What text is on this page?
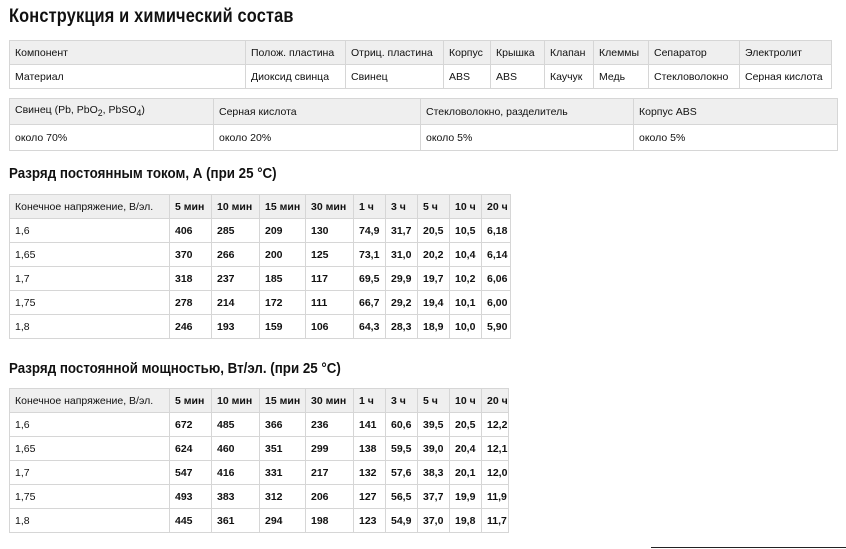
Конструкция и химический состав
Компонент	Полож. пластина	Отриц. пластина	Корпус	Крышка	Клапан	Клеммы	Сепаратор	Электролит
Материал	Диоксид свинца	Свинец	ABS	ABS	Каучук	Медь	Стекловолокно	Серная кислота
Свинец (Pb, PbO$_2$, PbSO$_4$)	Серная кислота	Стекловолокно, разделитель	Корпус ABS
около 70%	около 20%	около 5%	около 5%
Разряд постоянным током, А (при 25 °C)
Конечное напряжение, В/эл.	5 мин	10 мин	15 мин	30 мин	1 ч	3 ч	5 ч	10 ч	20 ч
1,6	406	285	209	130	74,9	31,7	20,5	10,5	6,18
1,65	370	266	200	125	73,1	31,0	20,2	10,4	6,14
1,7	318	237	185	117	69,5	29,9	19,7	10,2	6,06
1,75	278	214	172	111	66,7	29,2	19,4	10,1	6,00
1,8	246	193	159	106	64,3	28,3	18,9	10,0	5,90
Разряд постоянной мощностью, Вт/эл. (при 25 °C)
Конечное напряжение, В/эл.	5 мин	10 мин	15 мин	30 мин	1 ч	3 ч	5 ч	10 ч	20 ч
1,6	672	485	366	236	141	60,6	39,5	20,5	12,2
1,65	624	460	351	299	138	59,5	39,0	20,4	12,1
1,7	547	416	331	217	132	57,6	38,3	20,1	12,0
1,75	493	383	312	206	127	56,5	37,7	19,9	11,9
1,8	445	361	294	198	123	54,9	37,0	19,8	11,7
